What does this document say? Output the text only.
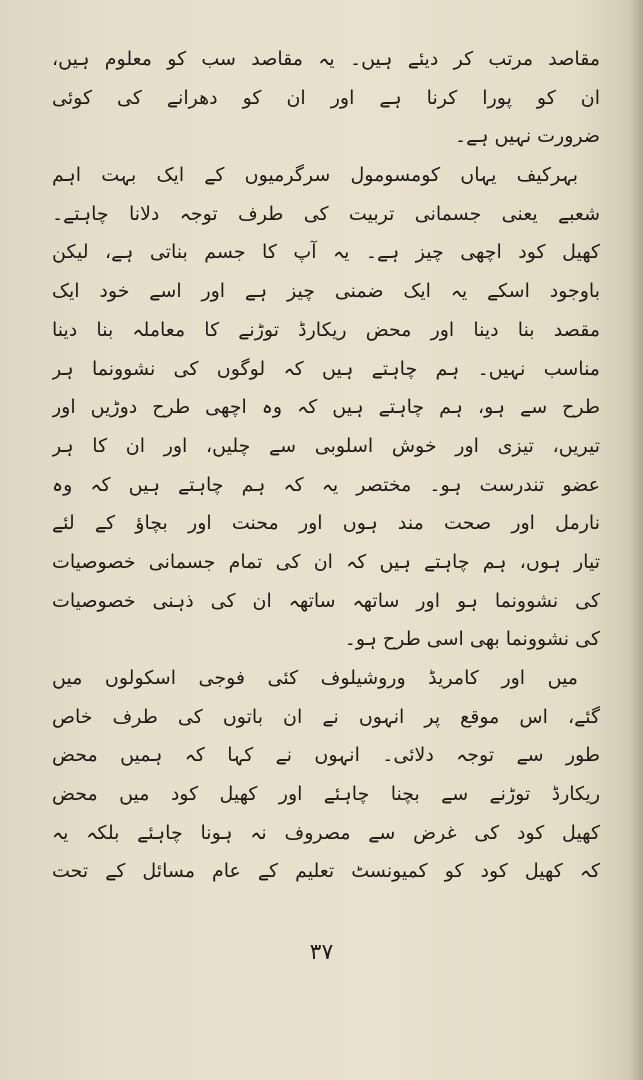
مقاصد مرتب کر دیئے ہیں۔ یہ مقاصد سب کو معلوم ہیں،
ان کو پورا کرنا ہے اور ان کو دھرانے کی کوئی
ضرورت نہیں ہے۔
بہرکیف یہاں کومسومول سرگرمیوں کے ایک بہت اہم
شعبے یعنی جسمانی تربیت کی طرف توجہ دلانا چاہتے۔
کھیل کود اچھی چیز ہے۔ یہ آپ کا جسم بناتی ہے، لیکن
باوجود اسکے یہ ایک ضمنی چیز ہے اور اسے خود ایک
مقصد بنا دینا اور محض ریکارڈ توڑنے کا معاملہ بنا دینا
مناسب نہیں۔ ہم چاہتے ہیں کہ لوگوں کی نشوونما ہر
طرح سے ہو، ہم چاہتے ہیں کہ وہ اچھی طرح دوڑیں اور
تیریں، تیزی اور خوش اسلوبی سے چلیں، اور ان کا ہر
عضو تندرست ہو۔ مختصر یہ کہ ہم چاہتے ہیں کہ وہ
نارمل اور صحت مند ہوں اور محنت اور بچاؤ کے لئے
تیار ہوں، ہم چاہتے ہیں کہ ان کی تمام جسمانی خصوصیات
کی نشوونما ہو اور ساتھہ ساتھہ ان کی ذہنی خصوصیات
کی نشوونما بھی اسی طرح ہو۔
میں اور کامریڈ وروشیلوف کئی فوجی اسکولوں میں
گئے، اس موقع پر انہوں نے ان باتوں کی طرف خاص
طور سے توجہ دلائی۔ انہوں نے کہا کہ ہمیں محض
ریکارڈ توڑنے سے بچنا چاہئے اور کھیل کود میں محض
کھیل کود کی غرض سے مصروف نہ ہونا چاہئے بلکہ یہ
کہ کھیل کود کو کمیونسٹ تعلیم کے عام مسائل کے تحت
۳۷
